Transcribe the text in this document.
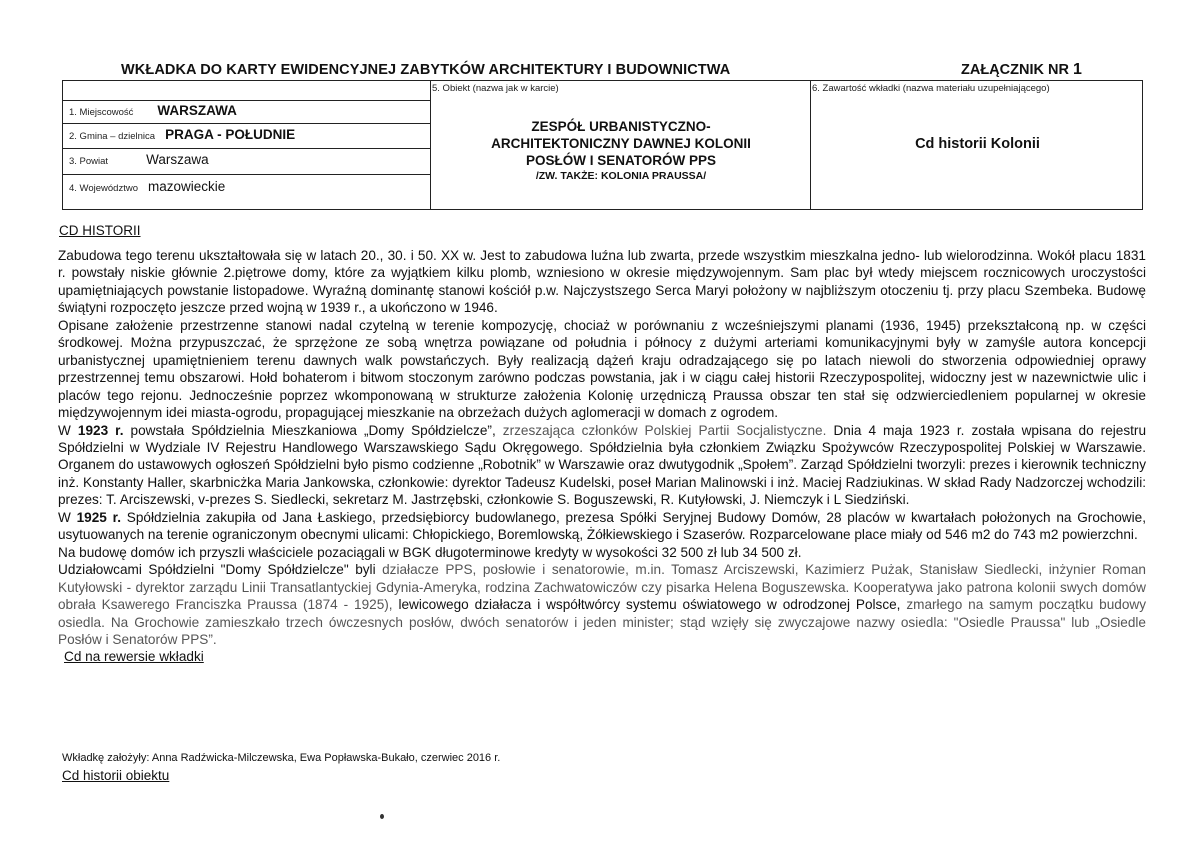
WKŁADKA DO KARTY EWIDENCYJNEJ ZABYTKÓW ARCHITEKTURY I BUDOWNICTWA	ZAŁĄCZNIK NR 1
1. Miejscowość WARSZAWA
2. Gmina – dzielnica PRAGA - POŁUDNIE
3. Powiat	Warszawa
4. Województwo mazowieckie
5. Obiekt (nazwa jak w karcie)
ZESPÓŁ URBANISTYCZNO-
ARCHITEKTONICZNY DAWNEJ KOLONII
POSŁÓW I SENATORÓW PPS
/ZW. TAKŻE: KOLONIA PRAUSSA/
6. Zawartość wkładki (nazwa materiału uzupełniającego)
Cd historii Kolonii
CD HISTORII

Zabudowa tego terenu ukształtowała się w latach 20., 30. i 50. XX w. Jest to zabudowa luźna lub zwarta, przede wszystkim mieszkalna jedno- lub wielorodzinna. Wokół placu 1831 r. powstały niskie głównie 2.piętrowe domy, które za wyjątkiem kilku plomb, wzniesiono w okresie międzywojennym. Sam plac był wtedy miejscem rocznicowych uroczystości upamiętniających powstanie listopadowe. Wyraźną dominantę stanowi kościół p.w. Najczystszego Serca Maryi położony w najbliższym otoczeniu tj. przy placu Szembeka. Budowę świątyni rozpoczęto jeszcze przed wojną w 1939 r., a ukończono w 1946.

Opisane założenie przestrzenne stanowi nadal czytelną w terenie kompozycję, chociaż w porównaniu z wcześniejszymi planami (1936, 1945) przekształconą np. w części środkowej. Można przypuszczać, że sprzężone ze sobą wnętrza powiązane od południa i północy z dużymi arteriami komunikacyjnymi były w zamyśle autora koncepcji urbanistycznej upamiętnieniem terenu dawnych walk powstańczych. Były realizacją dążeń kraju odradzającego się po latach niewoli do stworzenia odpowiedniej oprawy przestrzennej temu obszarowi. Hołd bohaterom i bitwom stoczonym zarówno podczas powstania, jak i w ciągu całej historii Rzeczypospolitej, widoczny jest w nazewnictwie ulic i placów tego rejonu. Jednocześnie poprzez wkomponowaną w strukturze założenia Kolonię urzędniczą Praussa obszar ten stał się odzwierciedleniem popularnej w okresie międzywojennym idei miasta-ogrodu, propagującej mieszkanie na obrzeżach dużych aglomeracji w domach z ogrodem.

W 1923 r. powstała Spółdzielnia Mieszkaniowa „Domy Spółdzielcze”, zrzeszająca członków Polskiej Partii Socjalistyczne. Dnia 4 maja 1923 r. została wpisana do rejestru Spółdzielni w Wydziale IV Rejestru Handlowego Warszawskiego Sądu Okręgowego. Spółdzielnia była członkiem Związku Spożywców Rzeczypospolitej Polskiej w Warszawie. Organem do ustawowych ogłoszeń Spółdzielni było pismo codzienne „Robotnik” w Warszawie oraz dwutygodnik „Społem”. Zarząd Spółdzielni tworzyli: prezes i kierownik techniczny inż. Konstanty Haller, skarbnicżka Maria Jankowska, członkowie: dyrektor Tadeusz Kudelski, poseł Marian Malinowski i inż. Maciej Radziukinas. W skład Rady Nadzorczej wchodzili: prezes: T. Arciszewski, v-prezes S. Siedlecki, sekretarz M. Jastrzębski, członkowie S. Boguszewski, R. Kutyłowski, J. Niemczyk i L Siedziński.

W 1925 r. Spółdzielnia zakupiła od Jana Łaskiego, przedsiębiorcy budowlanego, prezesa Spółki Seryjnej Budowy Domów, 28 placów w kwartałach położonych na Grochowie, usytuowanych na terenie ograniczonym obecnymi ulicami: Chłopickiego, Boremlowską, Żółkiewskiego i Szaserów. Rozparcelowane place miały od 546 m2 do 743 m2 powierzchni.

Na budowę domów ich przyszli właściciele pozaciągali w BGK długoterminowe kredyty w wysokości 32 500 zł lub 34 500 zł.

Udziałowcami Spółdzielni "Domy Spółdzielcze" byli działacze PPS, posłowie i senatorowie, m.in. Tomasz Arciszewski, Kazimierz Pużak, Stanisław Siedlecki, inżynier Roman Kutyłowski - dyrektor zarządu Linii Transatlantyckiej Gdynia-Ameryka, rodzina Zachwatowiczów czy pisarka Helena Boguszewska. Kooperatywa jako patrona kolonii swych domów obrała Ksawerego Franciszka Praussa (1874 - 1925), lewicowego działacza i współtwórcy systemu oświatowego w odrodzonej Polsce, zmarłego na samym początku budowy osiedla. Na Grochowie zamieszkało trzech ówczesnych posłów, dwóch senatorów i jeden minister; stąd wzięły się zwyczajowe nazwy osiedla: "Osiedle Praussa" lub „Osiedle Posłów i Senatorów PPS”.

Cd na rewersie wkładki

Wkładkę założyły: Anna Radźwicka-Milczewska, Ewa Popławska-Bukało, czerwiec 2016 r.
Cd historii obiektu
